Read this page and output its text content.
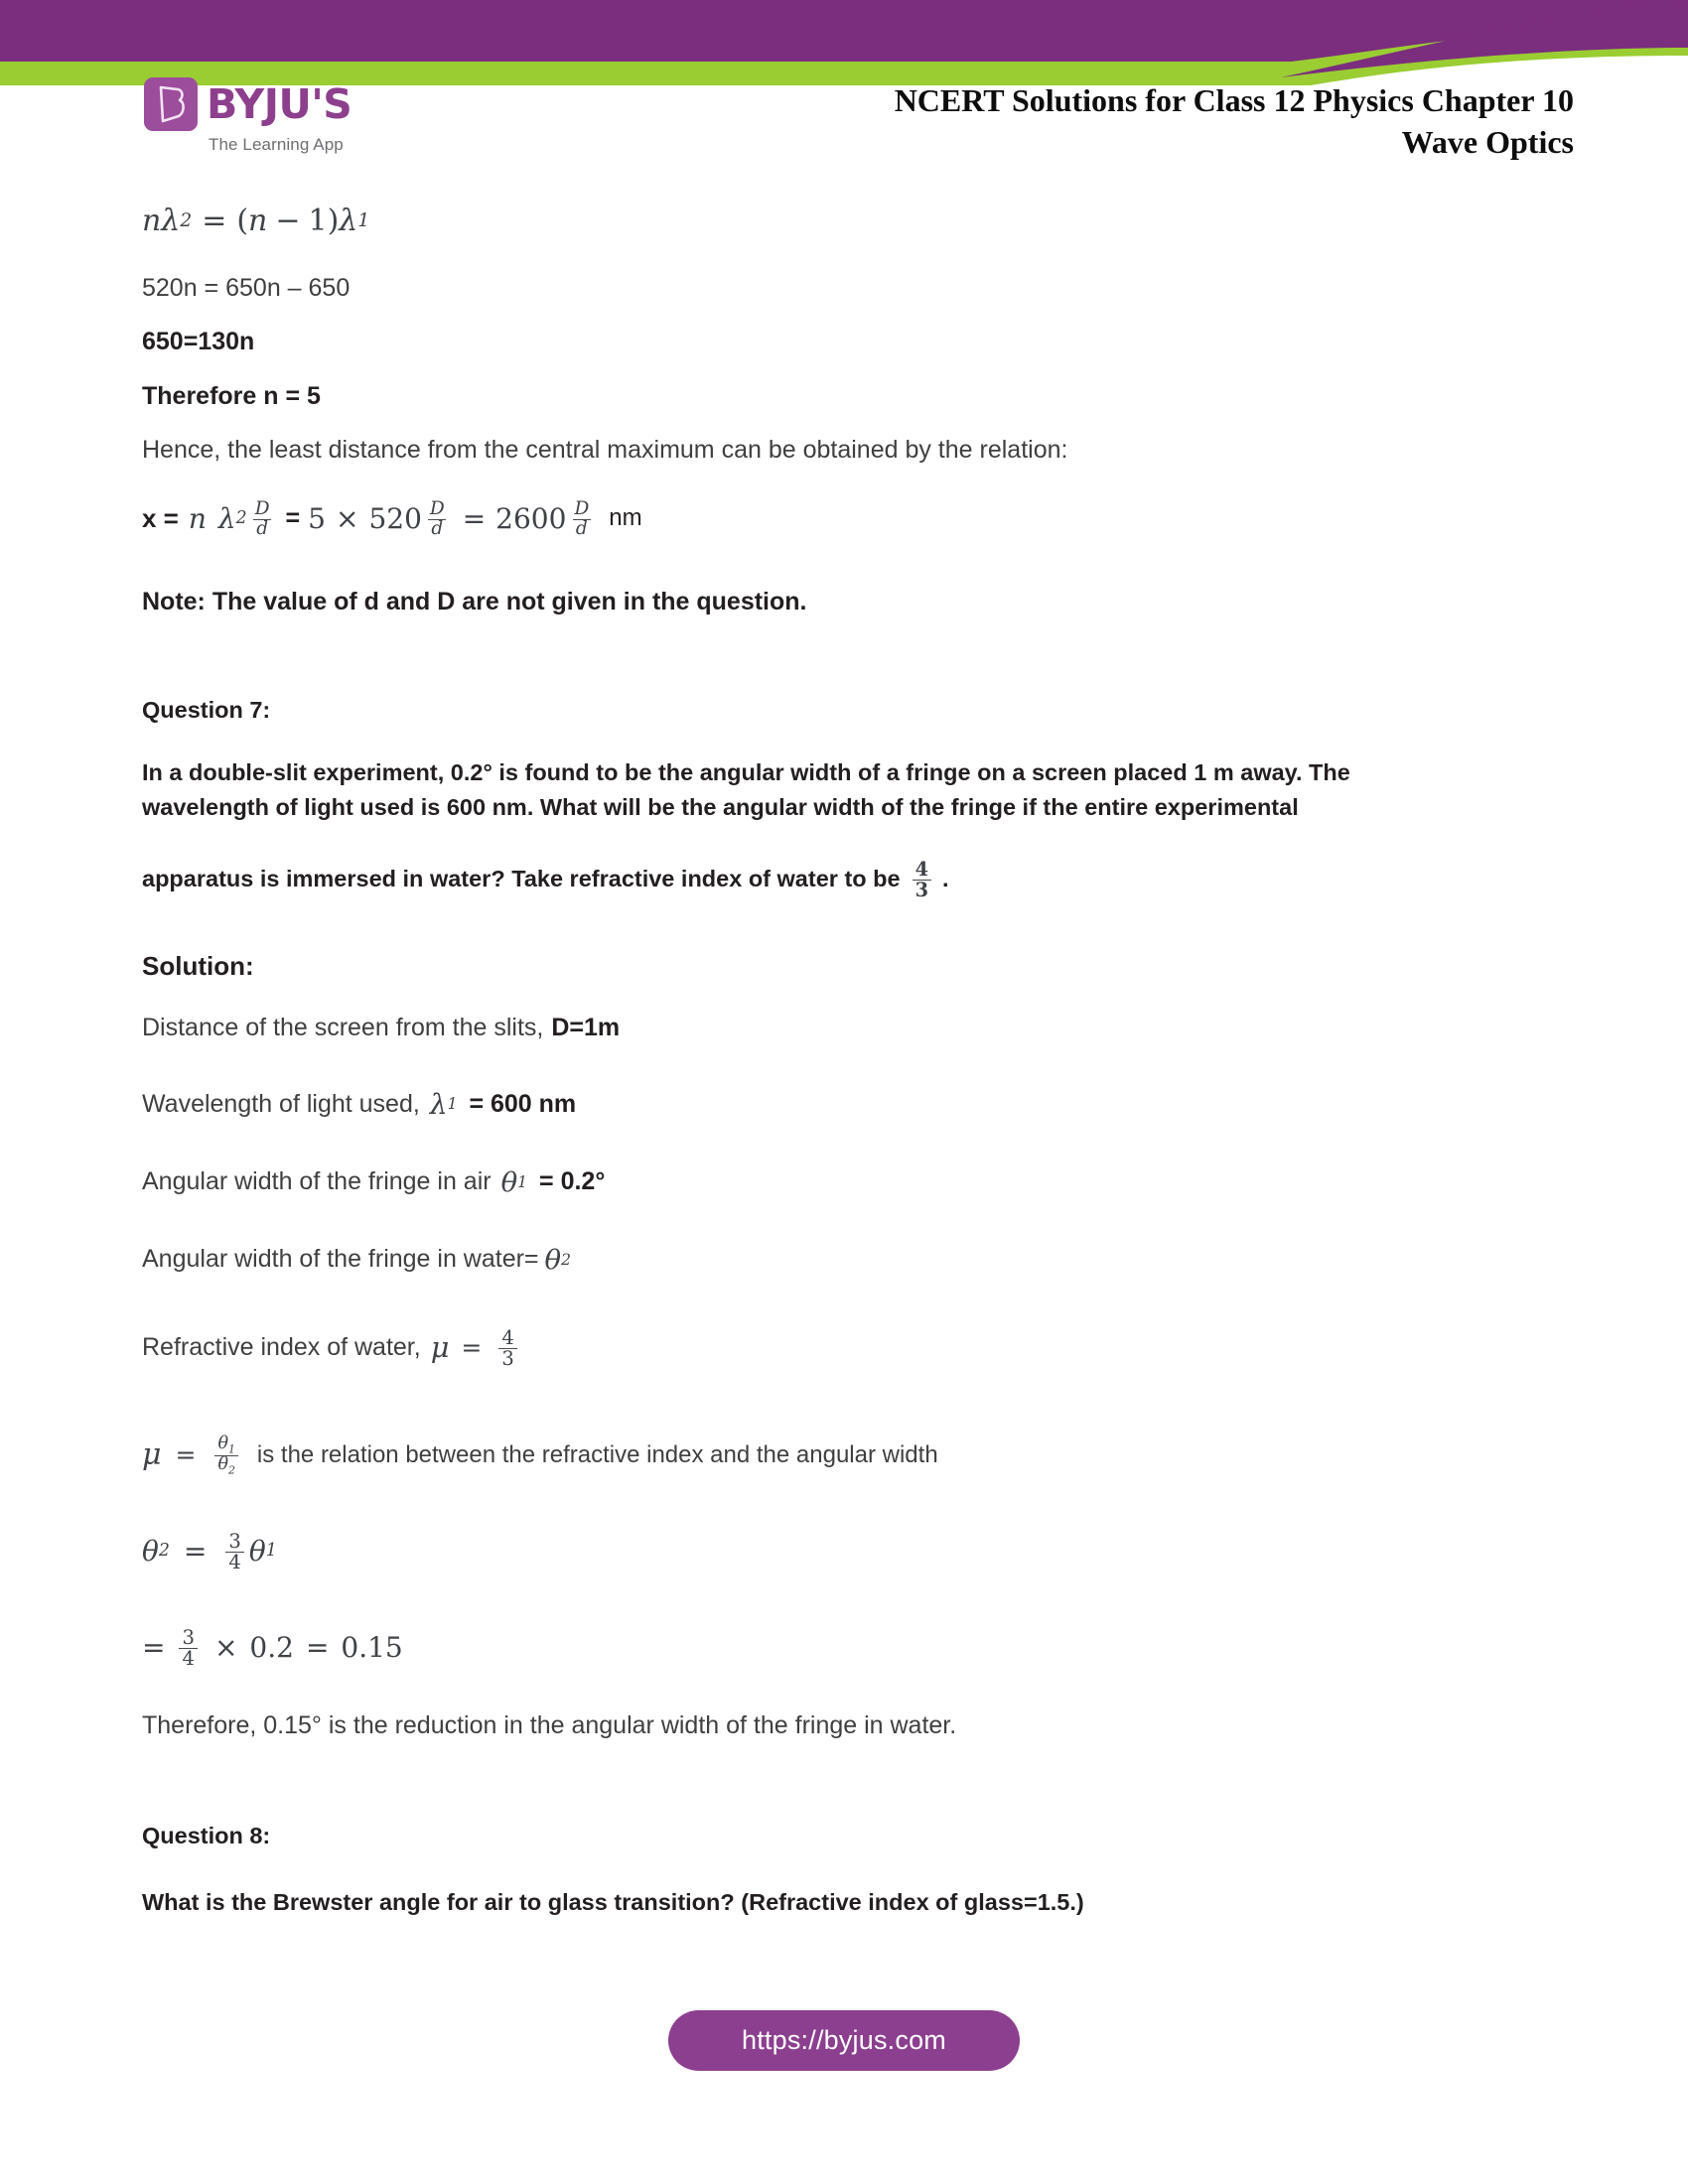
BYJU'S
The Learning App
NCERT Solutions for Class 12 Physics Chapter 10
Wave Optics
n λ 2 = ( n − 1 ) λ 1
520n = 650n – 650
650=130n
Therefore n = 5
Hence, the least distance from the central maximum can be obtained by the relation:
x = n λ $2 \frac{D}{d} = 5 \times 520 \frac{D}{d} = 2600 \frac{D}{d}$ nm
Note: The value of d and D are not given in the question.
Question 7:
In a double-slit experiment, 0.2° is found to be the angular width of a fringe on a screen placed 1 m away. The wavelength of light used is 600 nm. What will be the angular width of the fringe if the entire experimental
apparatus is immersed in water? Take refractive index of water to be $\frac{4}{3}$ .
Solution:
Distance of the screen from the slits, D=1m
Wavelength of light used, λ 1 = 600 nm
Angular width of the fringe in air θ 1 = 0.2°
Angular width of the fringe in water= θ 2
Refractive index of water, $\mu = \frac{4}{3}$
$\mu = \frac{\theta_1}{\theta_2}$ is the relation between the refractive index and the angular width
θ $2 = \frac{3}{4}$ θ 1
= $\frac{3}{4} \times 0.2 = 0.15$
Therefore, 0.15° is the reduction in the angular width of the fringe in water.
Question 8:
What is the Brewster angle for air to glass transition? (Refractive index of glass=1.5.)
https://byjus.com
